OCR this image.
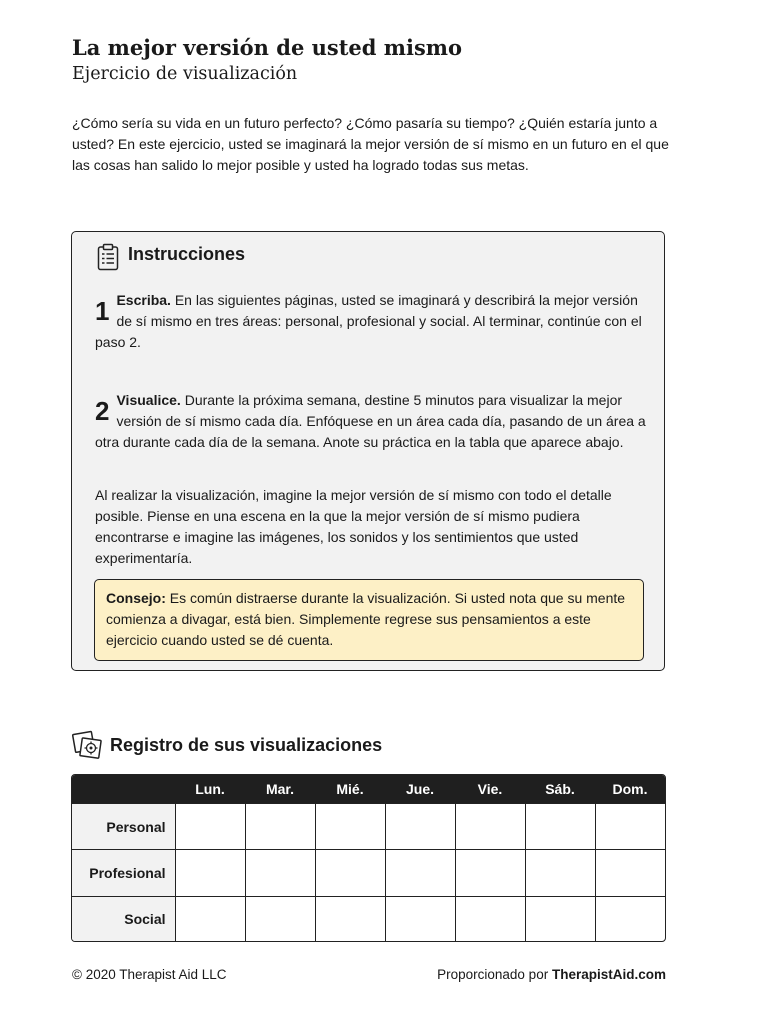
La mejor versión de usted mismo
Ejercicio de visualización

¿Cómo sería su vida en un futuro perfecto? ¿Cómo pasaría su tiempo? ¿Quién estaría junto a usted? En este ejercicio, usted se imaginará la mejor versión de sí mismo en un futuro en el que las cosas han salido lo mejor posible y usted ha logrado todas sus metas.

Instrucciones

1 Escriba. En las siguientes páginas, usted se imaginará y describirá la mejor versión de sí mismo en tres áreas: personal, profesional y social. Al terminar, continúe con el paso 2.

2 Visualice. Durante la próxima semana, destine 5 minutos para visualizar la mejor versión de sí mismo cada día. Enfóquese en un área cada día, pasando de un área a otra durante cada día de la semana. Anote su práctica en la tabla que aparece abajo.

Al realizar la visualización, imagine la mejor versión de sí mismo con todo el detalle posible. Piense en una escena en la que la mejor versión de sí mismo pudiera encontrarse e imagine las imágenes, los sonidos y los sentimientos que usted experimentaría.

Consejo: Es común distraerse durante la visualización. Si usted nota que su mente comienza a divagar, está bien. Simplemente regrese sus pensamientos a este ejercicio cuando usted se dé cuenta.
Registro de sus visualizaciones
	Lun.	Mar.	Mié.	Jue.	Vie.	Sáb.	Dom.
Personal							
Profesional							
Social							

© 2020 Therapist Aid LLC	Proporcionado por TherapistAid.com
